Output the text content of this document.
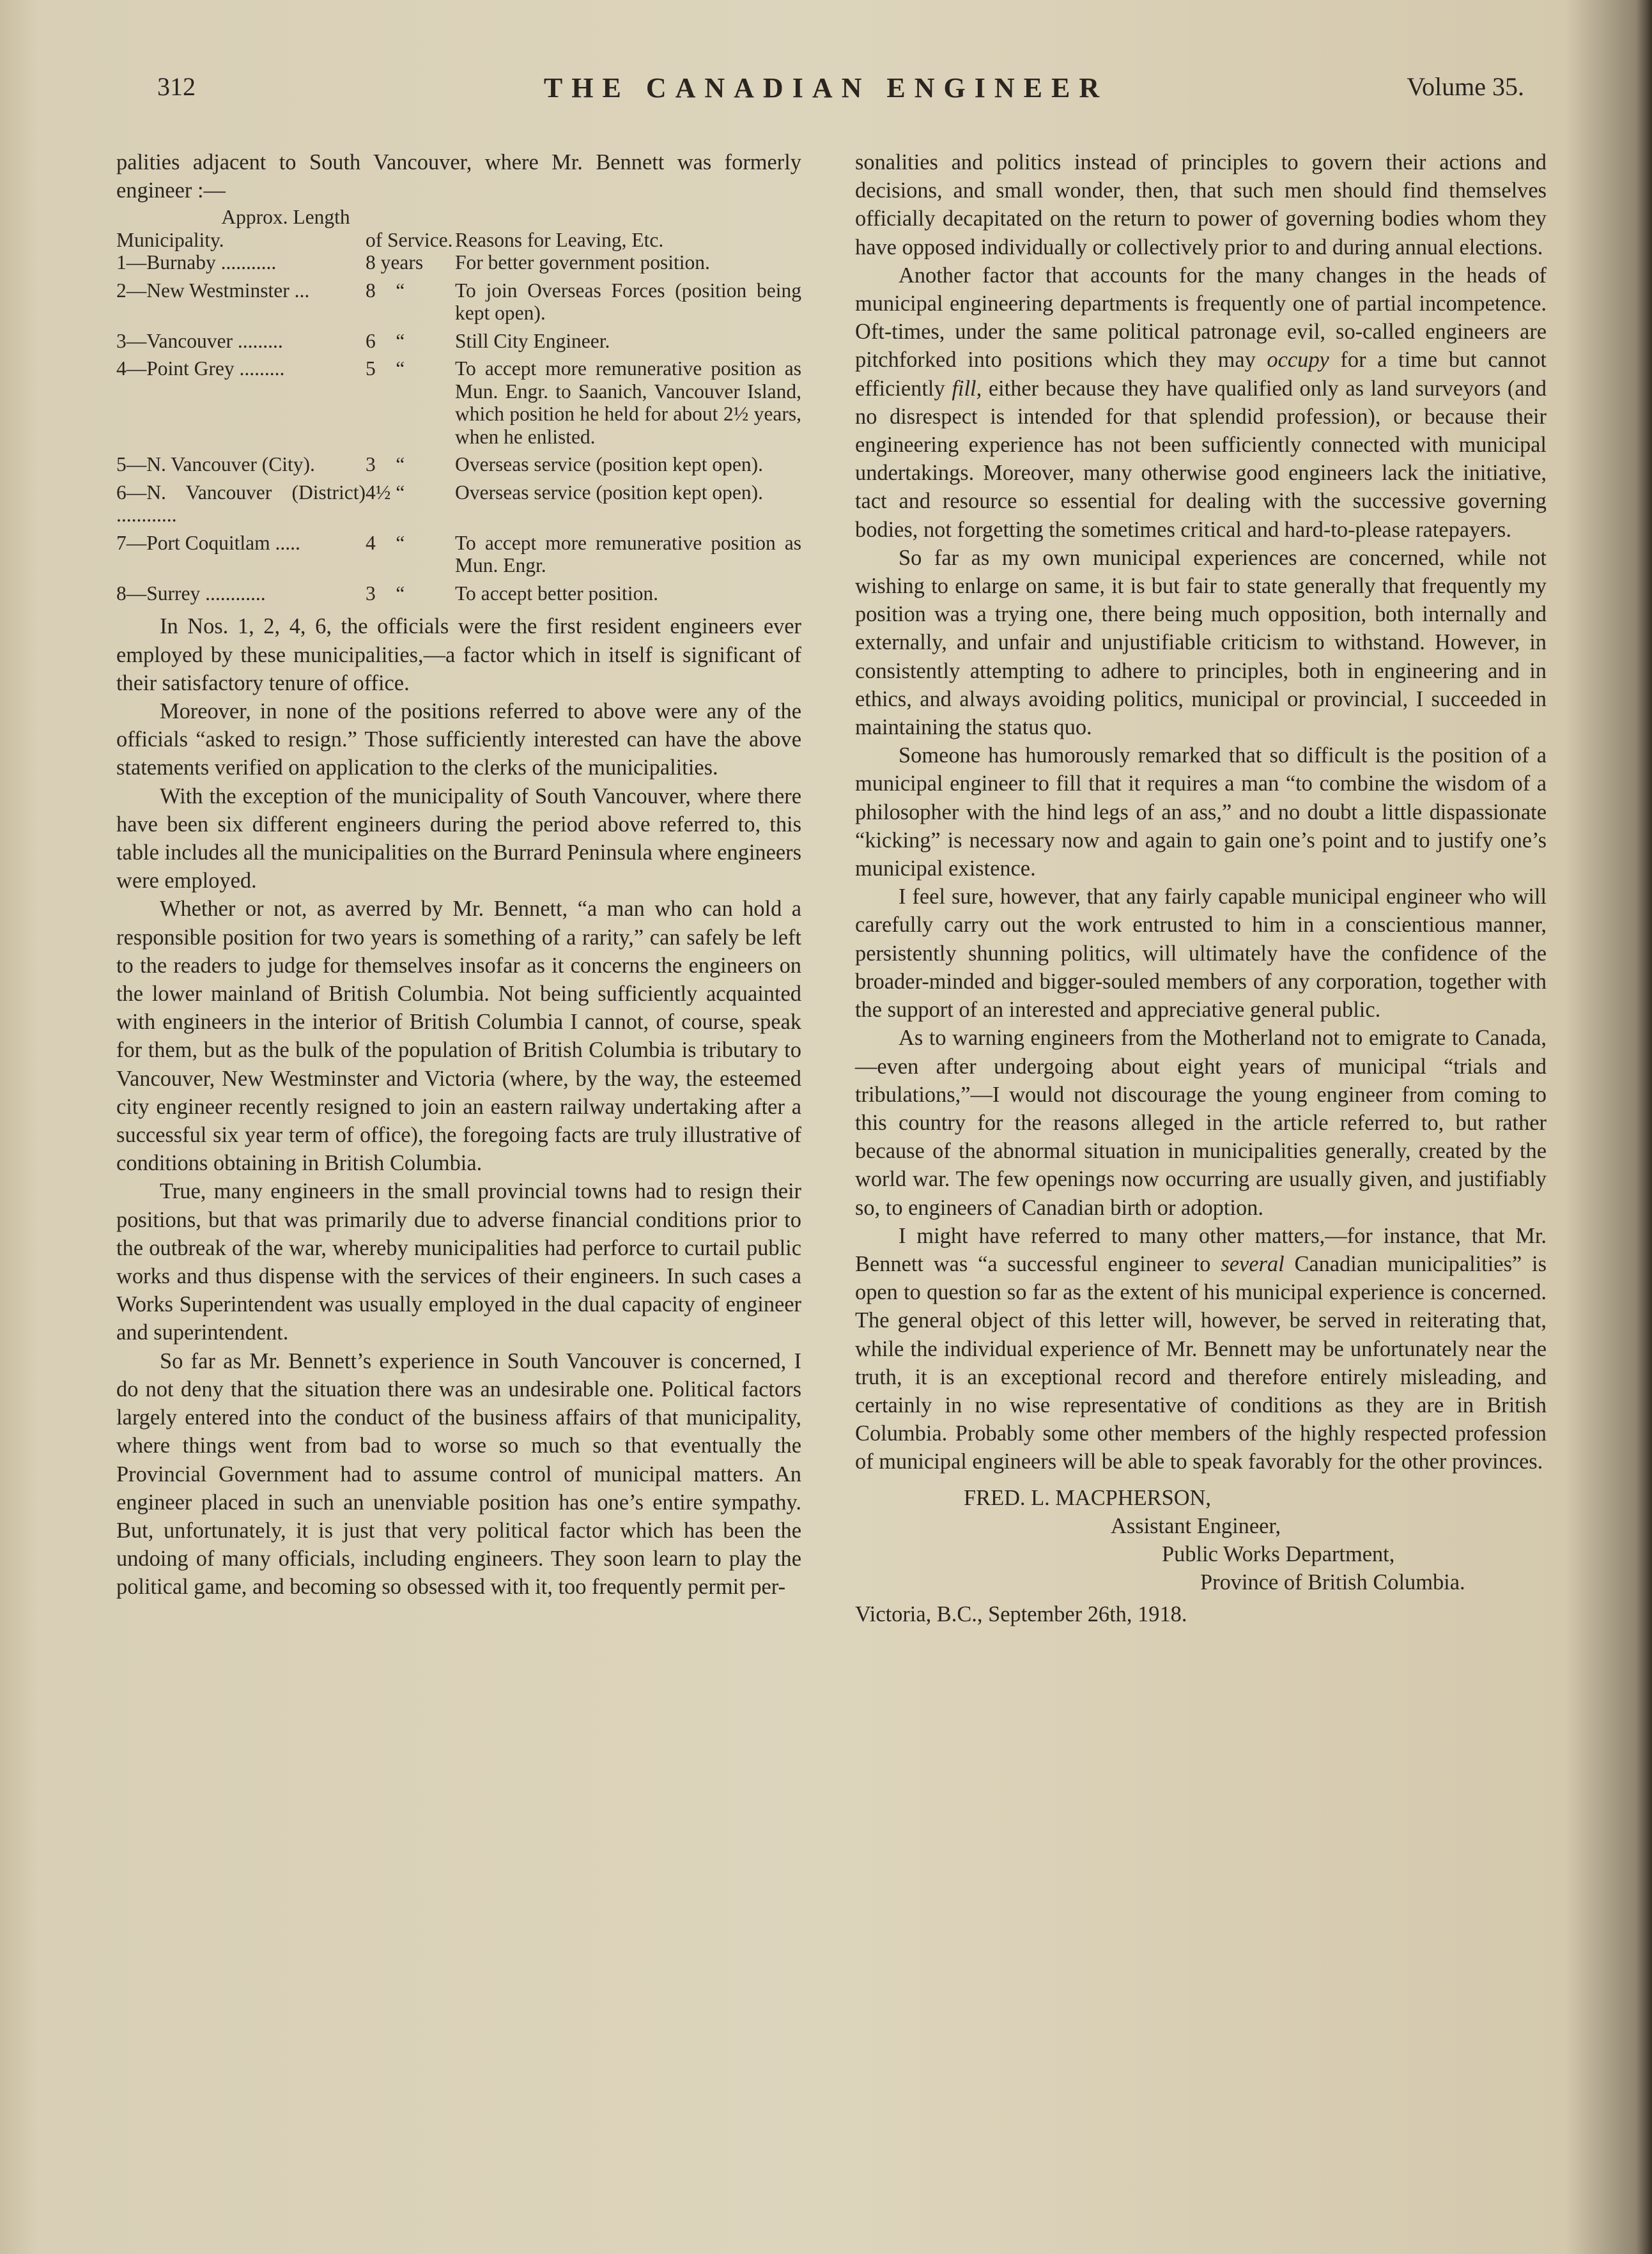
312	THE CANADIAN ENGINEER	Volume 35.

palities adjacent to South Vancouver, where Mr. Bennett was formerly engineer :—

Approx. Length		
Municipality.	of Service.	Reasons for Leaving, Etc.
1—Burnaby ...........	8 years	For better government position.
2—New Westminster ...	8    “	To join Overseas Forces (position being kept open).
3—Vancouver .........	6    “	Still City Engineer.
4—Point Grey .........	5    “	To accept more remunerative position as Mun. Engr. to Saanich, Vancouver Island, which position he held for about 2½ years, when he enlisted.
5—N. Vancouver (City).	3    “	Overseas service (position kept open).
6—N. Vancouver (District) ............	4½ “	Overseas service (position kept open).
7—Port Coquitlam .....	4    “	To accept more remunerative position as Mun. Engr.
8—Surrey ............	3    “	To accept better position.

In Nos. 1, 2, 4, 6, the officials were the first resident engineers ever employed by these municipalities,—a factor which in itself is significant of their satisfactory tenure of office.

Moreover, in none of the positions referred to above were any of the officials “asked to resign.” Those sufficiently interested can have the above statements verified on application to the clerks of the municipalities.

With the exception of the municipality of South Vancouver, where there have been six different engineers during the period above referred to, this table includes all the municipalities on the Burrard Peninsula where engineers were employed.

Whether or not, as averred by Mr. Bennett, “a man who can hold a responsible position for two years is something of a rarity,” can safely be left to the readers to judge for themselves insofar as it concerns the engineers on the lower mainland of British Columbia. Not being sufficiently acquainted with engineers in the interior of British Columbia I cannot, of course, speak for them, but as the bulk of the population of British Columbia is tributary to Vancouver, New Westminster and Victoria (where, by the way, the esteemed city engineer recently resigned to join an eastern railway undertaking after a successful six year term of office), the foregoing facts are truly illustrative of conditions obtaining in British Columbia.

True, many engineers in the small provincial towns had to resign their positions, but that was primarily due to adverse financial conditions prior to the outbreak of the war, whereby municipalities had perforce to curtail public works and thus dispense with the services of their engineers. In such cases a Works Superintendent was usually employed in the dual capacity of engineer and superintendent.

So far as Mr. Bennett’s experience in South Vancouver is concerned, I do not deny that the situation there was an undesirable one. Political factors largely entered into the conduct of the business affairs of that municipality, where things went from bad to worse so much so that eventually the Provincial Government had to assume control of municipal matters. An engineer placed in such an unenviable position has one’s entire sympathy. But, unfortunately, it is just that very political factor which has been the undoing of many officials, including engineers. They soon learn to play the political game, and becoming so obsessed with it, too frequently permit per-

sonalities and politics instead of principles to govern their actions and decisions, and small wonder, then, that such men should find themselves officially decapitated on the return to power of governing bodies whom they have opposed individually or collectively prior to and during annual elections.

Another factor that accounts for the many changes in the heads of municipal engineering departments is frequently one of partial incompetence. Oft-times, under the same political patronage evil, so-called engineers are pitchforked into positions which they may occupy for a time but cannot efficiently fill, either because they have qualified only as land surveyors (and no disrespect is intended for that splendid profession), or because their engineering experience has not been sufficiently connected with municipal undertakings. Moreover, many otherwise good engineers lack the initiative, tact and resource so essential for dealing with the successive governing bodies, not forgetting the sometimes critical and hard-to-please ratepayers.

So far as my own municipal experiences are concerned, while not wishing to enlarge on same, it is but fair to state generally that frequently my position was a trying one, there being much opposition, both internally and externally, and unfair and unjustifiable criticism to withstand. However, in consistently attempting to adhere to principles, both in engineering and in ethics, and always avoiding politics, municipal or provincial, I succeeded in maintaining the status quo.

Someone has humorously remarked that so difficult is the position of a municipal engineer to fill that it requires a man “to combine the wisdom of a philosopher with the hind legs of an ass,” and no doubt a little dispassionate “kicking” is necessary now and again to gain one’s point and to justify one’s municipal existence.

I feel sure, however, that any fairly capable municipal engineer who will carefully carry out the work entrusted to him in a conscientious manner, persistently shunning politics, will ultimately have the confidence of the broader-minded and bigger-souled members of any corporation, together with the support of an interested and appreciative general public.

As to warning engineers from the Motherland not to emigrate to Canada,—even after undergoing about eight years of municipal “trials and tribulations,”—I would not discourage the young engineer from coming to this country for the reasons alleged in the article referred to, but rather because of the abnormal situation in municipalities generally, created by the world war. The few openings now occurring are usually given, and justifiably so, to engineers of Canadian birth or adoption.

I might have referred to many other matters,—for instance, that Mr. Bennett was “a successful engineer to several Canadian municipalities” is open to question so far as the extent of his municipal experience is concerned. The general object of this letter will, however, be served in reiterating that, while the individual experience of Mr. Bennett may be unfortunately near the truth, it is an exceptional record and therefore entirely misleading, and certainly in no wise representative of conditions as they are in British Columbia. Probably some other members of the highly respected profession of municipal engineers will be able to speak favorably for the other provinces.

FRED. L. MACPHERSON,
Assistant Engineer,
Public Works Department,
Province of British Columbia.
Victoria, B.C., September 26th, 1918.
